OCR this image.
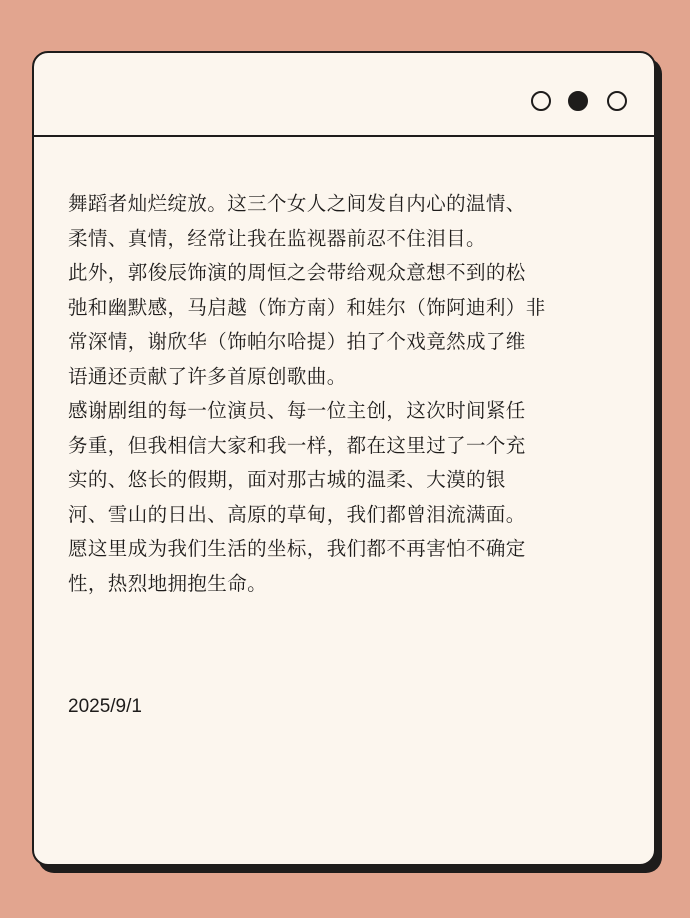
舞蹈者灿烂绽放。这三个女人之间发自内心的温情、
柔情、真情，经常让我在监视器前忍不住泪目。
此外，郭俊辰饰演的周恒之会带给观众意想不到的松
弛和幽默感，马启越（饰方南）和娃尔（饰阿迪利）非
常深情，谢欣华（饰帕尔哈提）拍了个戏竟然成了维
语通还贡献了许多首原创歌曲。
感谢剧组的每一位演员、每一位主创，这次时间紧任
务重，但我相信大家和我一样，都在这里过了一个充
实的、悠长的假期，面对那古城的温柔、大漠的银
河、雪山的日出、高原的草甸，我们都曾泪流满面。
愿这里成为我们生活的坐标，我们都不再害怕不确定
性，热烈地拥抱生命。
2025/9/1
